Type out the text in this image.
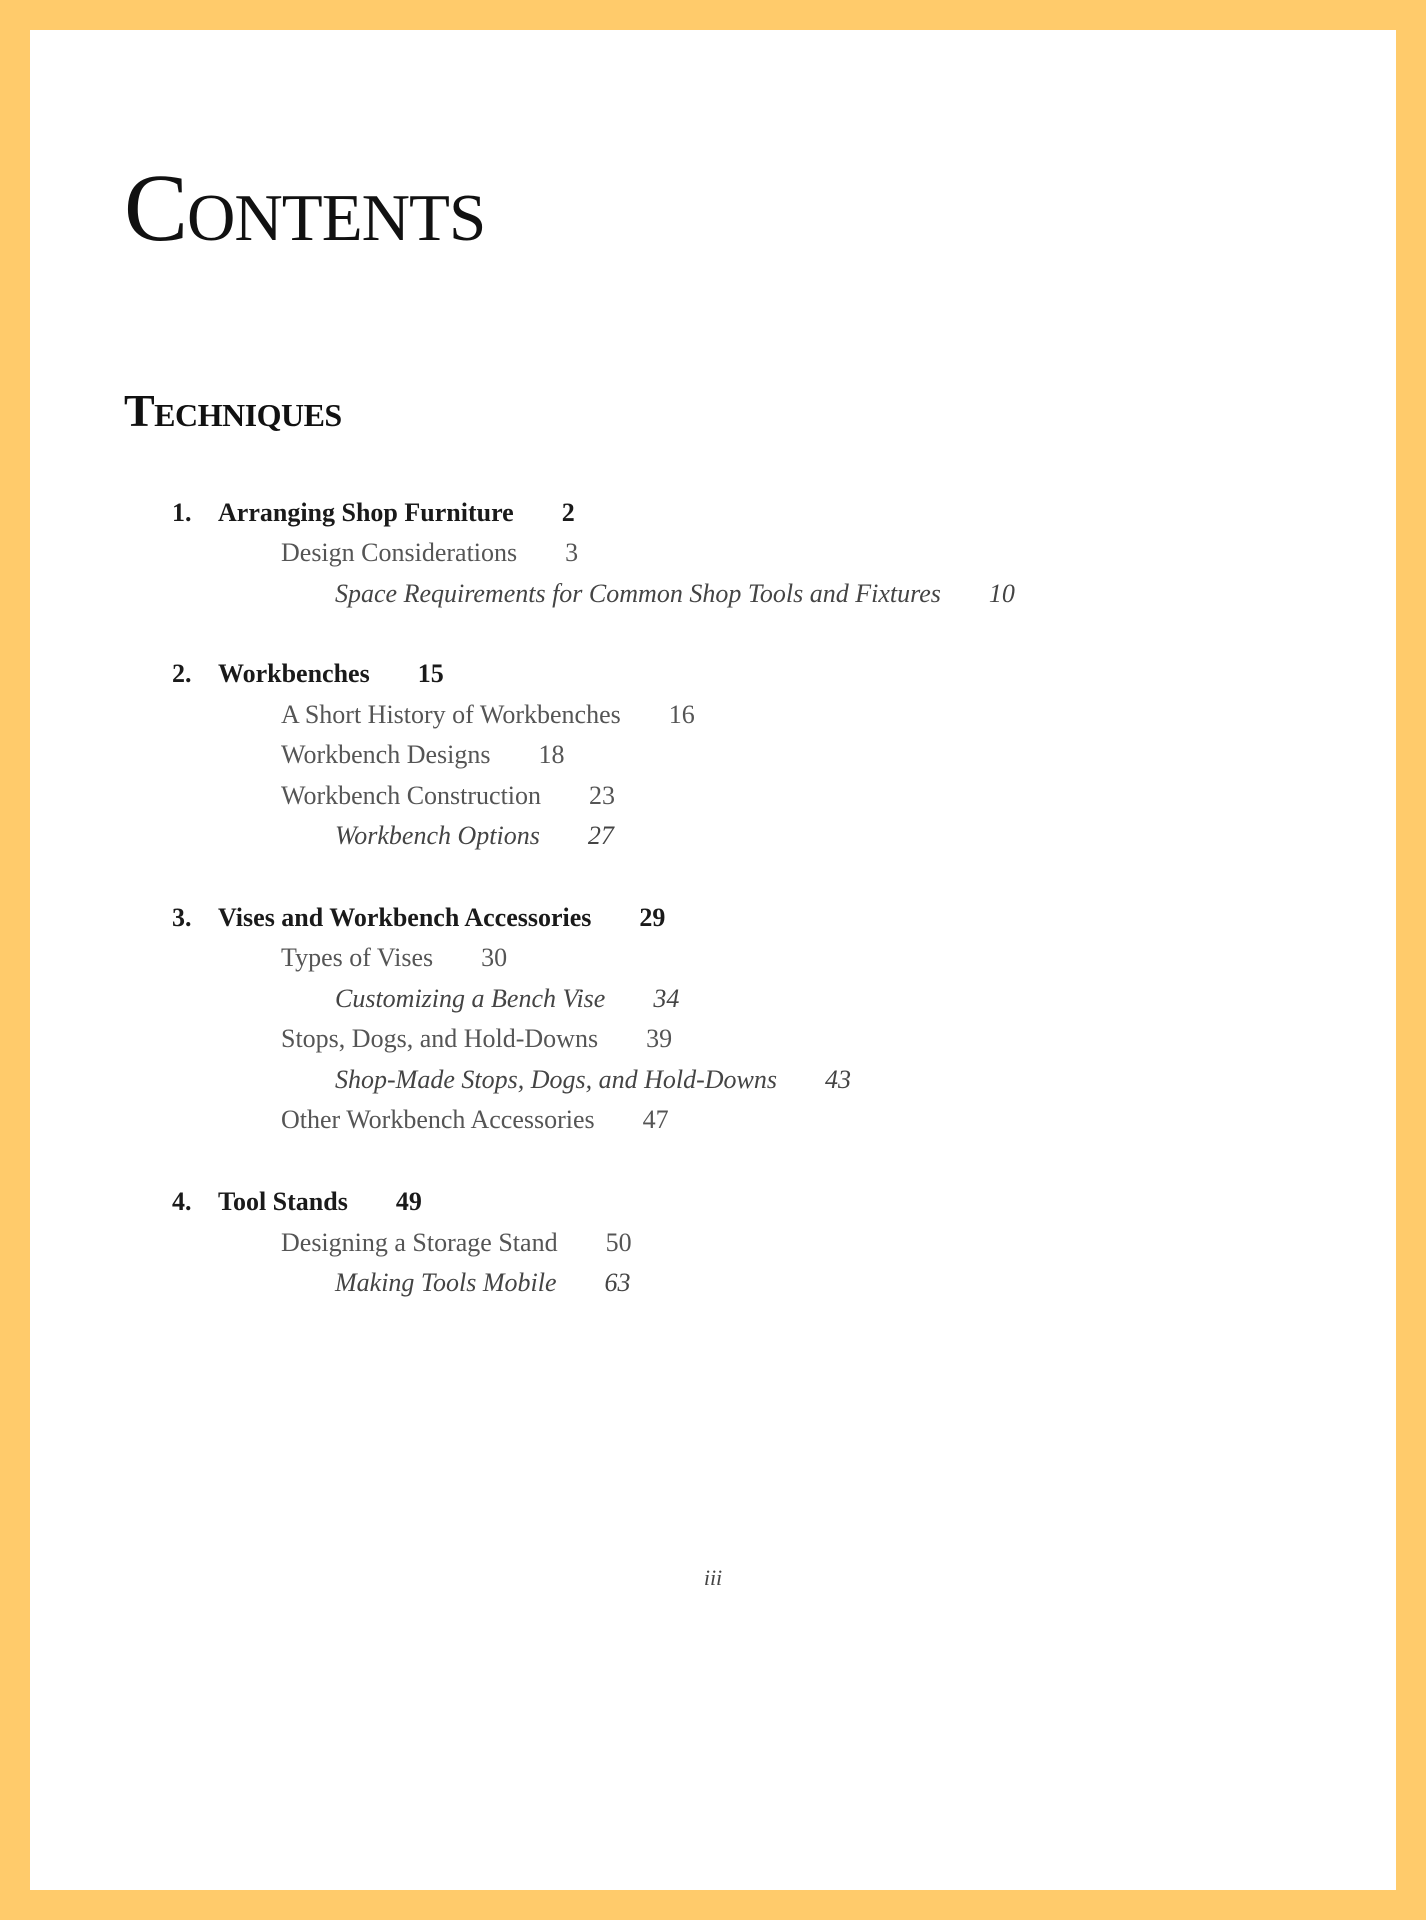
Contents
Techniques
1. Arranging Shop Furniture 2
Design Considerations 3
Space Requirements for Common Shop Tools and Fixtures 10
2. Workbenches 15
A Short History of Workbenches 16
Workbench Designs 18
Workbench Construction 23
Workbench Options 27
3. Vises and Workbench Accessories 29
Types of Vises 30
Customizing a Bench Vise 34
Stops, Dogs, and Hold-Downs 39
Shop-Made Stops, Dogs, and Hold-Downs 43
Other Workbench Accessories 47
4. Tool Stands 49
Designing a Storage Stand 50
Making Tools Mobile 63
iii
